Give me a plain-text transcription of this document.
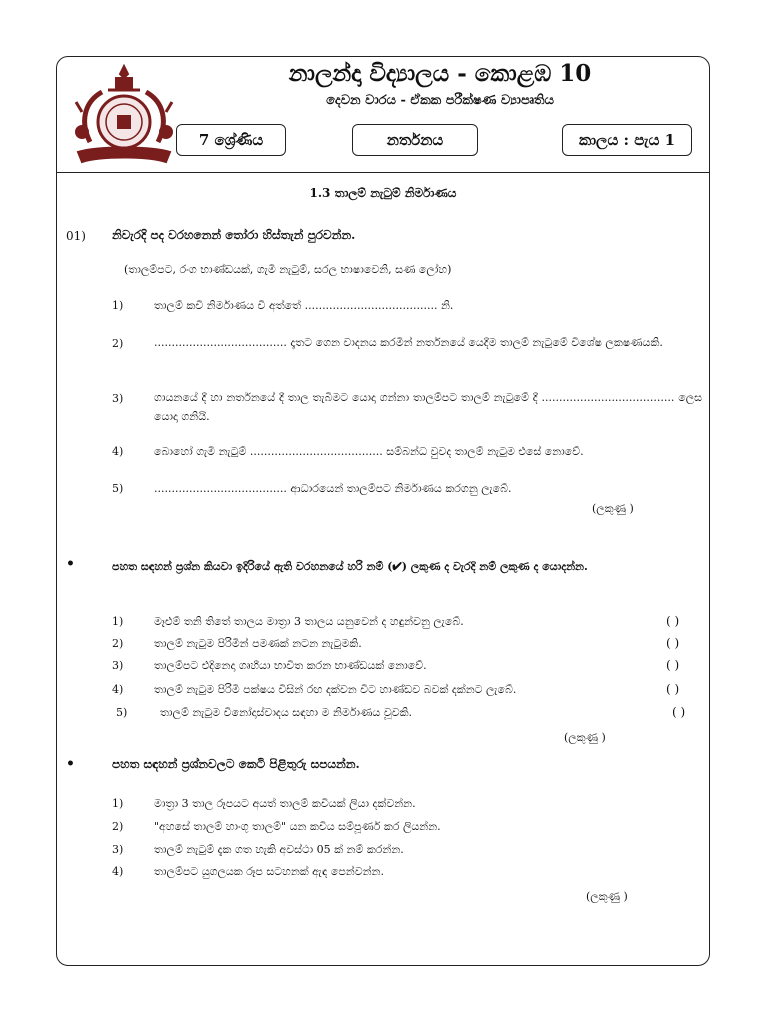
නාලන්දා විද්‍යාලය - කොළඹ 10
දෙවන වාරය - ඒකක පරීක්ෂණ ව්‍යාපෘතිය
7 ශ්‍රේණිය	නර්තනය	කාලය : පැය 1
1.3 තාලම් නැටුම් නිර්මාණය
01) නිවැරදි පද වරහනෙන් තෝරා හිස්තැන් පුරවන්න.
(තාලම්පට, රංග භාණ්ඩයක්, ගැමි නැටුම්, සරල භාෂාවෙනි, සණ ලෝහ)
1)	තාලම් කවි නිර්මාණය වී අත්තේ ...................................... නි.
2)	...................................... දෑතට ගෙන වාදනය කරමින් නර්තනයේ යෙදීම තාලම් නැටුමේ විශේෂ ලකෂණයකි.
3)	ගායනයේ දී හා නර්තනයේ දී තාල තැබීමට යොදා ගන්නා තාලම්පට තාලම් නැටුමේ දී ...................................... ලෙස යොදා ගනියි.
4)	බොහෝ ගැමි නැටුම් ...................................... සම්බන්ධ වුවද තාලම් නැටුම එසේ නොවේ.
5)	...................................... ආධාරයෙන් තාලම්පට නිර්මාණය කරගනු ලැබේ.
(ලකුණු )
•	පහත සඳහන් ප්‍රශ්න කියවා ඉදිරියේ ඇති වරහනයේ හරි නම් (✔) ලකුණ ද වැරදි නම් ලකුණ ද යොදන්න.
1)	මෑළුම් තනි තිතේ තාලය මාත්‍රා 3 තාලය යනුවෙන් ද හඳුන්වනු ලැබේ.	( )
2)	තාලම් නැටුම පිරිමින් පමණක් නටන නැටුමකි.	( )
3)	තාලම්පට එදිනෙදා ගෘහීයා භාවිත කරන භාණ්ඩයක් නොවේ.	( )
4)	තාලම් නැටුම පිරිමි පක්ෂය විසින් රඟ දක්වන විට හාණ්ඩව බවක් දක්නට ලැබේ.	( )
5)	තාලම් නැටුම විනෝදාස්වාදය සඳහා ම නිර්මාණය වූවකි.	( )
(ලකුණු )
•	පහත සඳහන් ප්‍රශ්නවලට කෙටි පිළිතුරු සපයන්න.
1)	මාත්‍රා 3 තාල රූපයට අයත් තාලම් කවියක් ලියා දක්වන්න.
2)	"අහසේ තාලම් හාංගු තාලම්" යන කවිය සම්පූර්ණ කර ලියන්න.
3)	තාලම් නැටුම් දැක ගත හැකි අවස්ථා 05 ක් නම් කරන්න.
4)	තාලම්පට යුගලයක රූප සටහනක් ඇඳ පෙන්වන්න.
(ලකුණු )
